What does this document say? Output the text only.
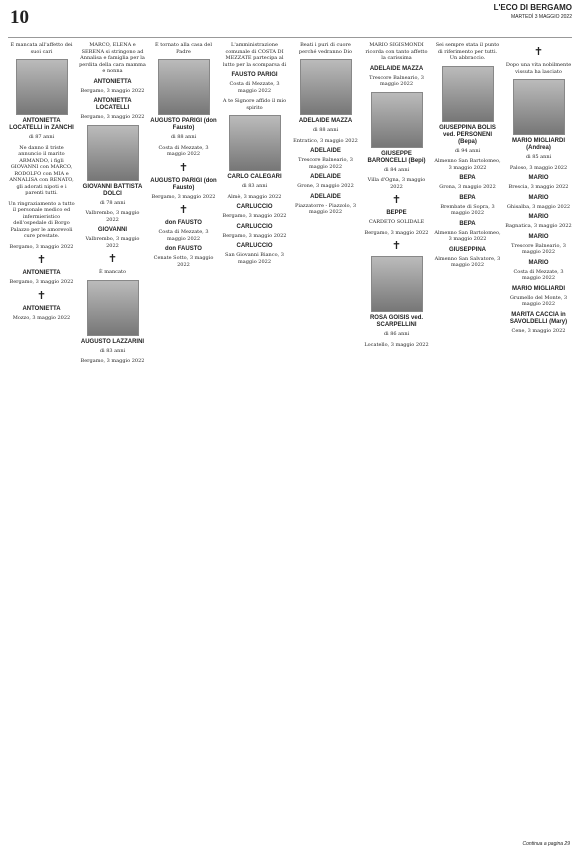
10	L'ECO DI BERGAMO
MARTEDÌ 3 MAGGIO 2022

È mancata all'affetto dei suoi cari

ANTONIETTA LOCATELLI in ZANCHI

di 87 anni

Ne danno il triste annuncio il marito ARMANDO, i figli GIOVANNI con MARCO, RODOLFO con MIA e ANNALISA con RENATO, gli adorati nipoti e i parenti tutti.

Un ringraziamento a tutto il personale medico ed infermieristico dell'ospedale di Borgo Palazzo per le amorevoli cure prestate.

Bergamo, 3 maggio 2022

✝

ANTONIETTA

Bergamo, 3 maggio 2022

✝

ANTONIETTA

Mozzo, 3 maggio 2022

MARCO, ELENA e SERENA si stringono ad Annalisa e famiglia per la perdita della cara mamma e nonna

ANTONIETTA

Bergamo, 3 maggio 2022

ANTONIETTA LOCATELLI

Bergamo, 3 maggio 2022

GIOVANNI BATTISTA DOLCI

di 78 anni

Valbrembo, 3 maggio 2022

GIOVANNI

Valbrembo, 3 maggio 2022

✝

È mancato

AUGUSTO LAZZARINI

di 83 anni

Bergamo, 3 maggio 2022

È tornato alla casa del Padre

AUGUSTO PARIGI (don Fausto)

di 88 anni

Costa di Mezzate, 3 maggio 2022

✝

AUGUSTO PARIGI (don Fausto)

Bergamo, 3 maggio 2022

✝

don FAUSTO

Costa di Mezzate, 3 maggio 2022

don FAUSTO

Cenate Sotto, 3 maggio 2022

L'amministrazione comunale di COSTA DI MEZZATE partecipa al lutto per la scomparsa di

FAUSTO PARIGI

Costa di Mezzate, 3 maggio 2022

A te Signore affido il mio spirito

CARLO CALEGARI

di 83 anni

Almè, 3 maggio 2022

CARLUCCIO

Bergamo, 3 maggio 2022

CARLUCCIO

Bergamo, 3 maggio 2022

CARLUCCIO

San Giovanni Bianco, 3 maggio 2022

Beati i puri di cuore perché vedranno Dio

ADELAIDE MAZZA

di 88 anni

Entratico, 3 maggio 2022

ADELAIDE

Trescore Balneario, 3 maggio 2022

ADELAIDE

Grone, 3 maggio 2022

ADELAIDE

Piazzatorre - Piazzolo, 3 maggio 2022

MARIO SIGISMONDI ricorda con tanto affetto la carissima

ADELAIDE MAZZA

Trescore Balneario, 3 maggio 2022

GIUSEPPE BARONCELLI (Bepi)

di 84 anni

Villa d'Ogna, 3 maggio 2022

✝

BEPPE

CARDETO SOLIDALE

Bergamo, 3 maggio 2022

✝

ROSA GOISIS ved. SCARPELLINI

di 86 anni

Locatello, 3 maggio 2022

Sei sempre stata il punto di riferimento per tutti. Un abbraccio.

GIUSEPPINA BOLIS ved. PERSONENI (Bepa)

di 94 anni

Almenno San Bartolomeo, 3 maggio 2022

BEPA

Grona, 3 maggio 2022

BEPA

Brembate di Sopra, 3 maggio 2022

BEPA

Almenno San Bartolomeo, 3 maggio 2022

GIUSEPPINA

Almenno San Salvatore, 3 maggio 2022

✝

Dopo una vita nobilmente vissuta ha lasciato

MARIO MIGLIARDI (Andrea)

di 85 anni

Paloso, 3 maggio 2022

MARIO

Brescia, 3 maggio 2022

MARIO

Ghisalba, 3 maggio 2022

MARIO

Bagnatica, 3 maggio 2022

MARIO

Trescore Balneario, 3 maggio 2022

MARIO

Costa di Mezzate, 3 maggio 2022

MARIO MIGLIARDI

Grumello del Monte, 3 maggio 2022

MARITA CACCIA in SAVOLDELLI (Mary)

Cene, 3 maggio 2022

Continua a pagina 29
